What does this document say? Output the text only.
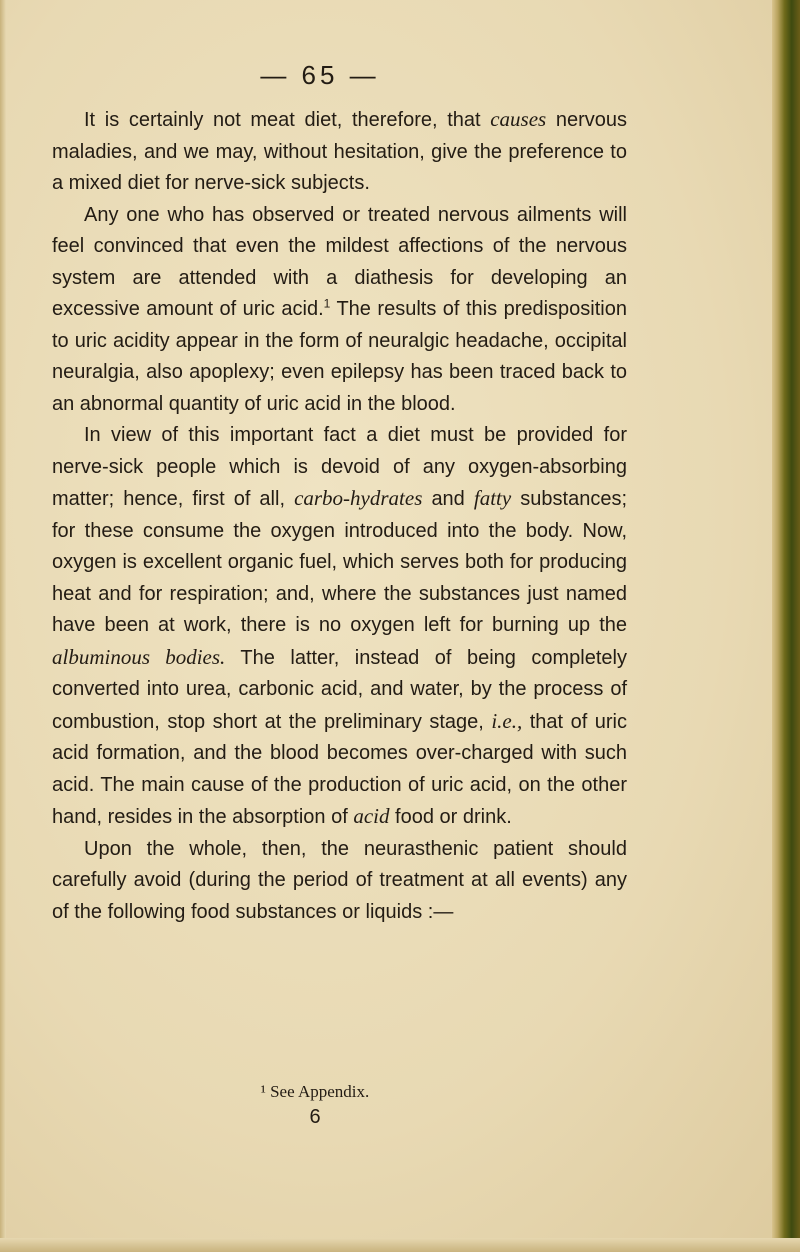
— 65 —

It is certainly not meat diet, therefore, that causes nervous maladies, and we may, without hesitation, give the preference to a mixed diet for nerve-sick subjects.

Any one who has observed or treated nervous ailments will feel convinced that even the mildest affections of the nervous system are attended with a diathesis for developing an excessive amount of uric acid.$^1$ The results of this predisposition to uric acidity appear in the form of neuralgic headache, occipital neuralgia, also apoplexy; even epilepsy has been traced back to an abnormal quantity of uric acid in the blood.

In view of this important fact a diet must be provided for nerve-sick people which is devoid of any oxygen-absorbing matter; hence, first of all, carbo-hydrates and fatty substances; for these consume the oxygen introduced into the body. Now, oxygen is excellent organic fuel, which serves both for producing heat and for respiration; and, where the substances just named have been at work, there is no oxygen left for burning up the albuminous bodies. The latter, instead of being completely converted into urea, carbonic acid, and water, by the process of combustion, stop short at the preliminary stage, i.e., that of uric acid formation, and the blood becomes over-charged with such acid. The main cause of the production of uric acid, on the other hand, resides in the absorption of acid food or drink.

Upon the whole, then, the neurasthenic patient should carefully avoid (during the period of treatment at all events) any of the following food substances or liquids :—

¹ See Appendix.
6
